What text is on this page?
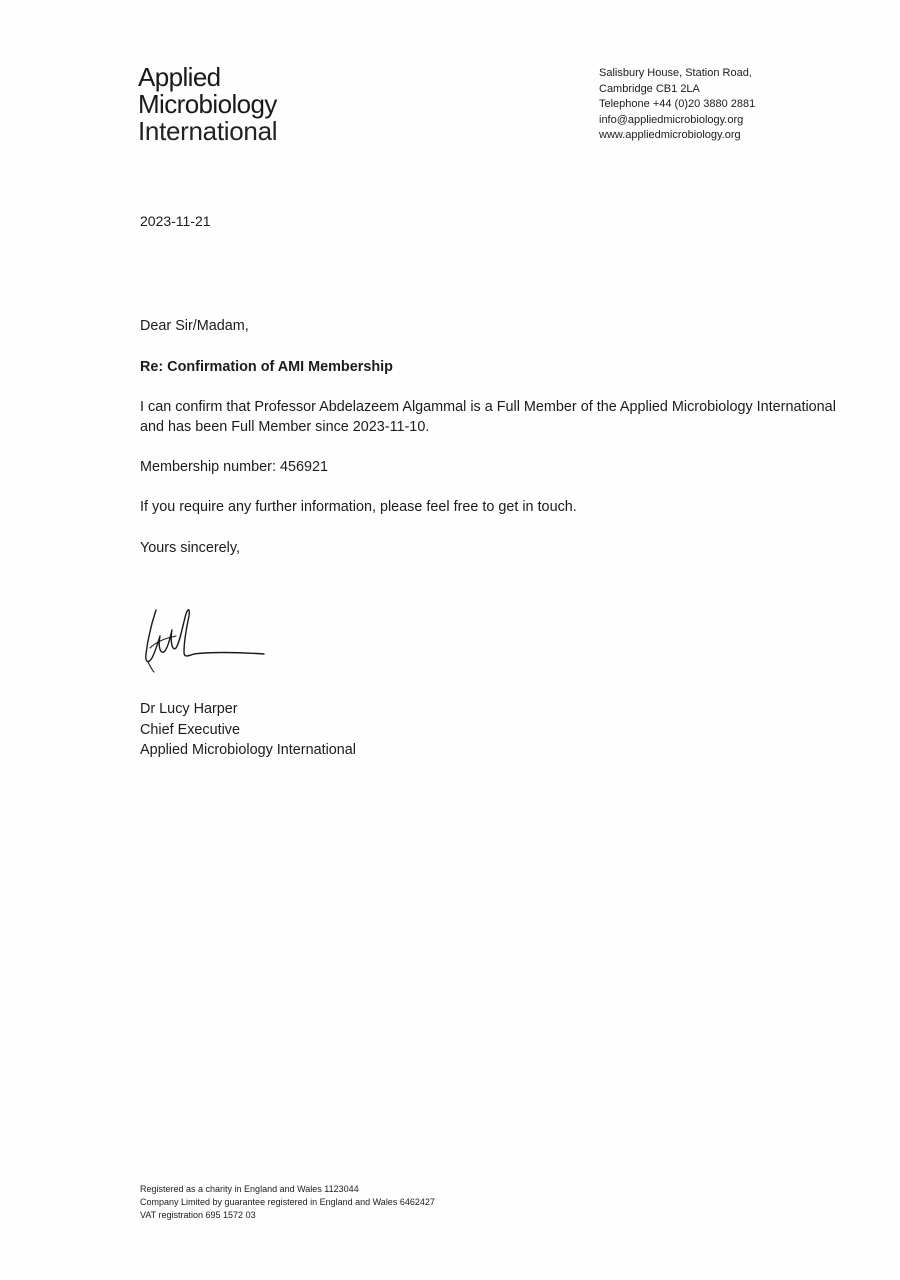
Applied
Microbiology
International
Salisbury House, Station Road,
Cambridge CB1 2LA
Telephone +44 (0)20 3880 2881
info@appliedmicrobiology.org
www.appliedmicrobiology.org
2023-11-21
Dear Sir/Madam,
Re: Confirmation of AMI Membership
I can confirm that Professor Abdelazeem Algammal is a Full Member of the Applied Microbiology International and has been Full Member since 2023-11-10.
Membership number: 456921
If you require any further information, please feel free to get in touch.
Yours sincerely,
Dr Lucy Harper
Chief Executive
Applied Microbiology International
Registered as a charity in England and Wales 1123044
Company Limited by guarantee registered in England and Wales 6462427
VAT registration 695 1572 03
